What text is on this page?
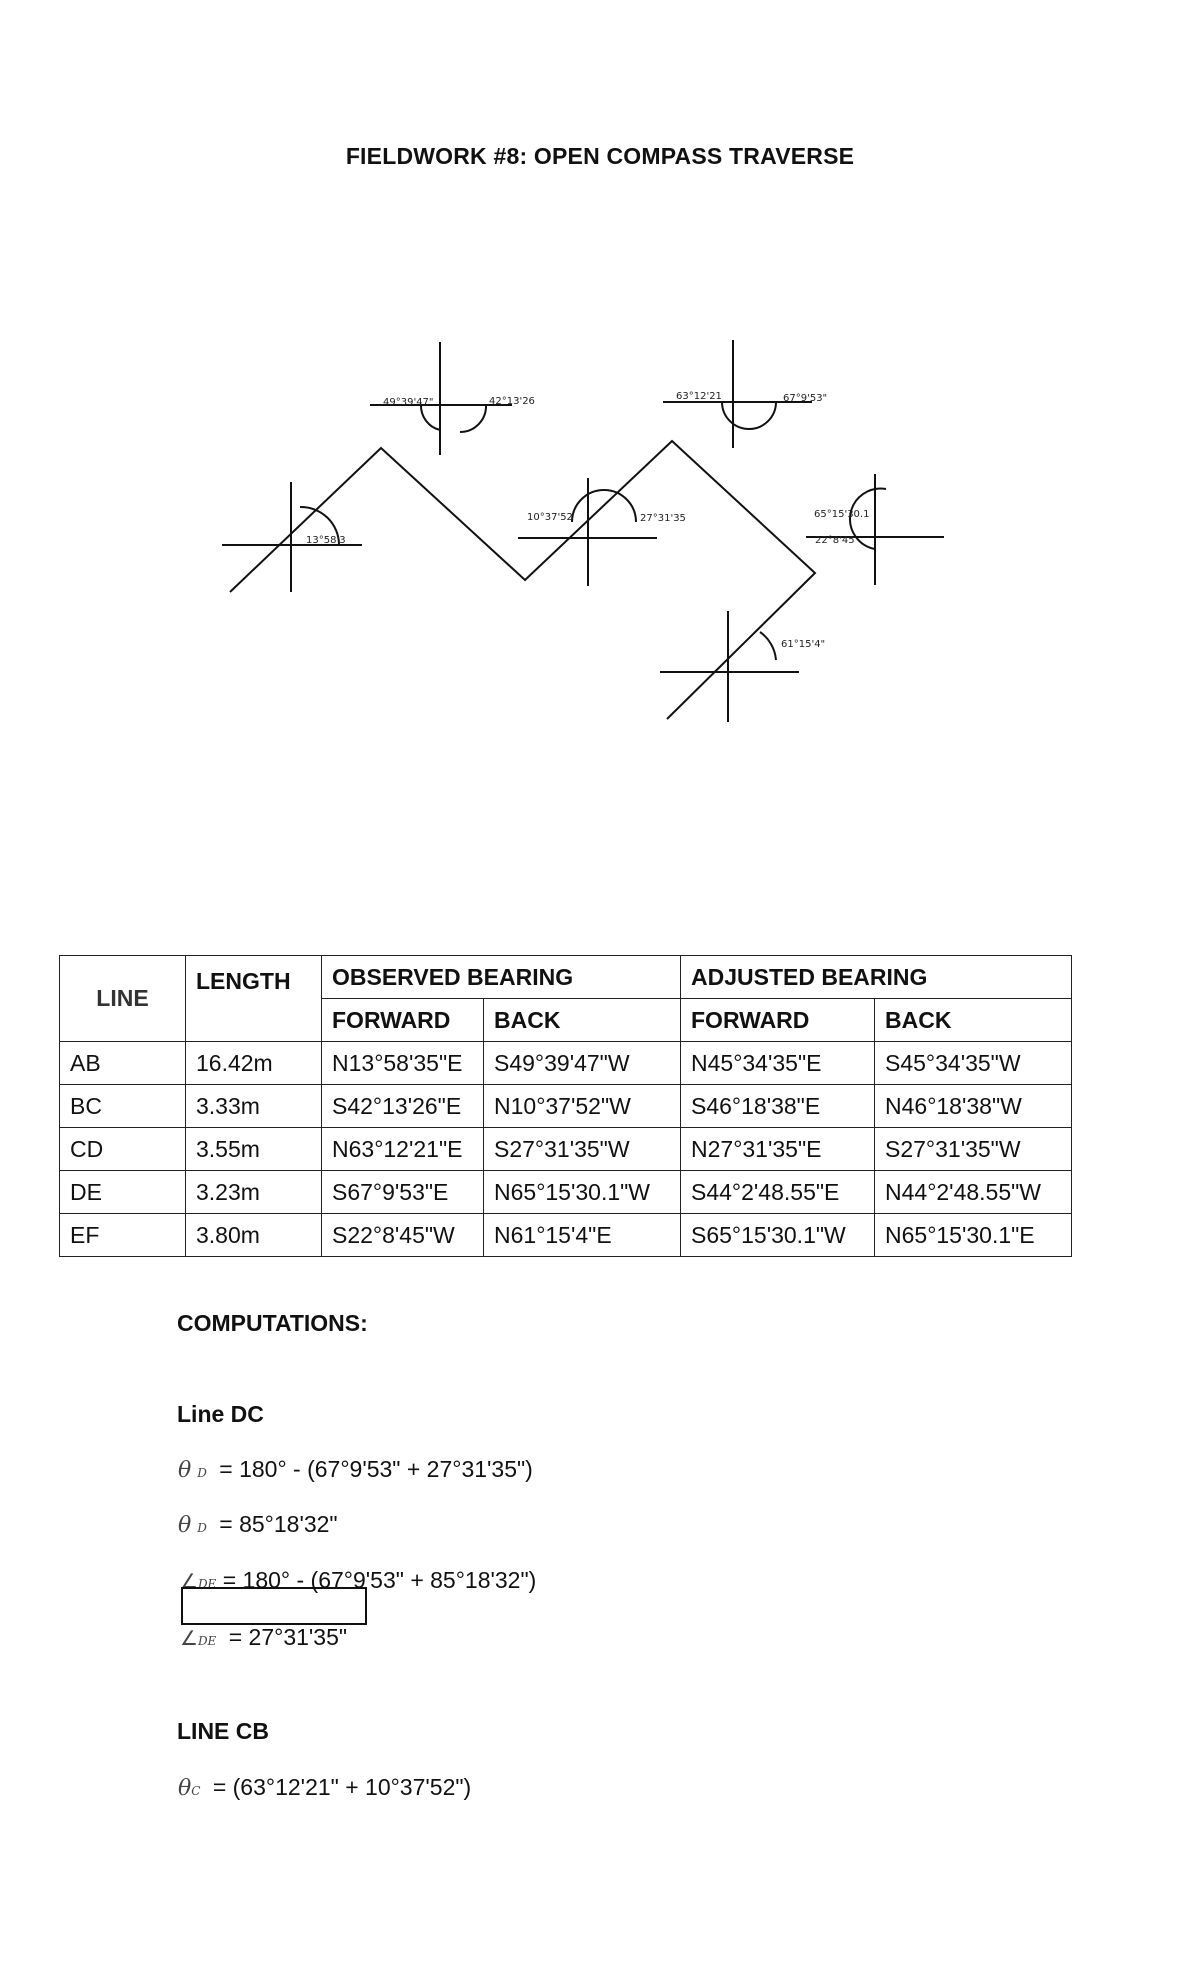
FIELDWORK #8: OPEN COMPASS TRAVERSE
13°58'3
49°39'47"	42°13'26
10°37'52	27°31'35
63°12'21	67°9'53"
65°15'30.1
22°8'45
61°15'4"
LINE	LENGTH	OBSERVED BEARING		ADJUSTED BEARING	
		FORWARD	BACK	FORWARD	BACK
AB	16.42m	N13°58'35"E	S49°39'47"W	N45°34'35"E	S45°34'35"W
BC	3.33m	S42°13'26"E	N10°37'52"W	S46°18'38"E	N46°18'38"W
CD	3.55m	N63°12'21"E	S27°31'35"W	N27°31'35"E	S27°31'35"W
DE	3.23m	S67°9'53"E	N65°15'30.1"W	S44°2'48.55"E	N44°2'48.55"W
EF	3.80m	S22°8'45"W	N61°15'4"E	S65°15'30.1"W	N65°15'30.1"E
COMPUTATIONS:
Line DC
θ D = 180° - (67°9'53" + 27°31'35")
θ D = 85°18'32"
∠DE = 180° - (67°9'53" + 85°18'32")
∠DE = 27°31'35"
LINE CB
θC = (63°12'21" + 10°37'52")
